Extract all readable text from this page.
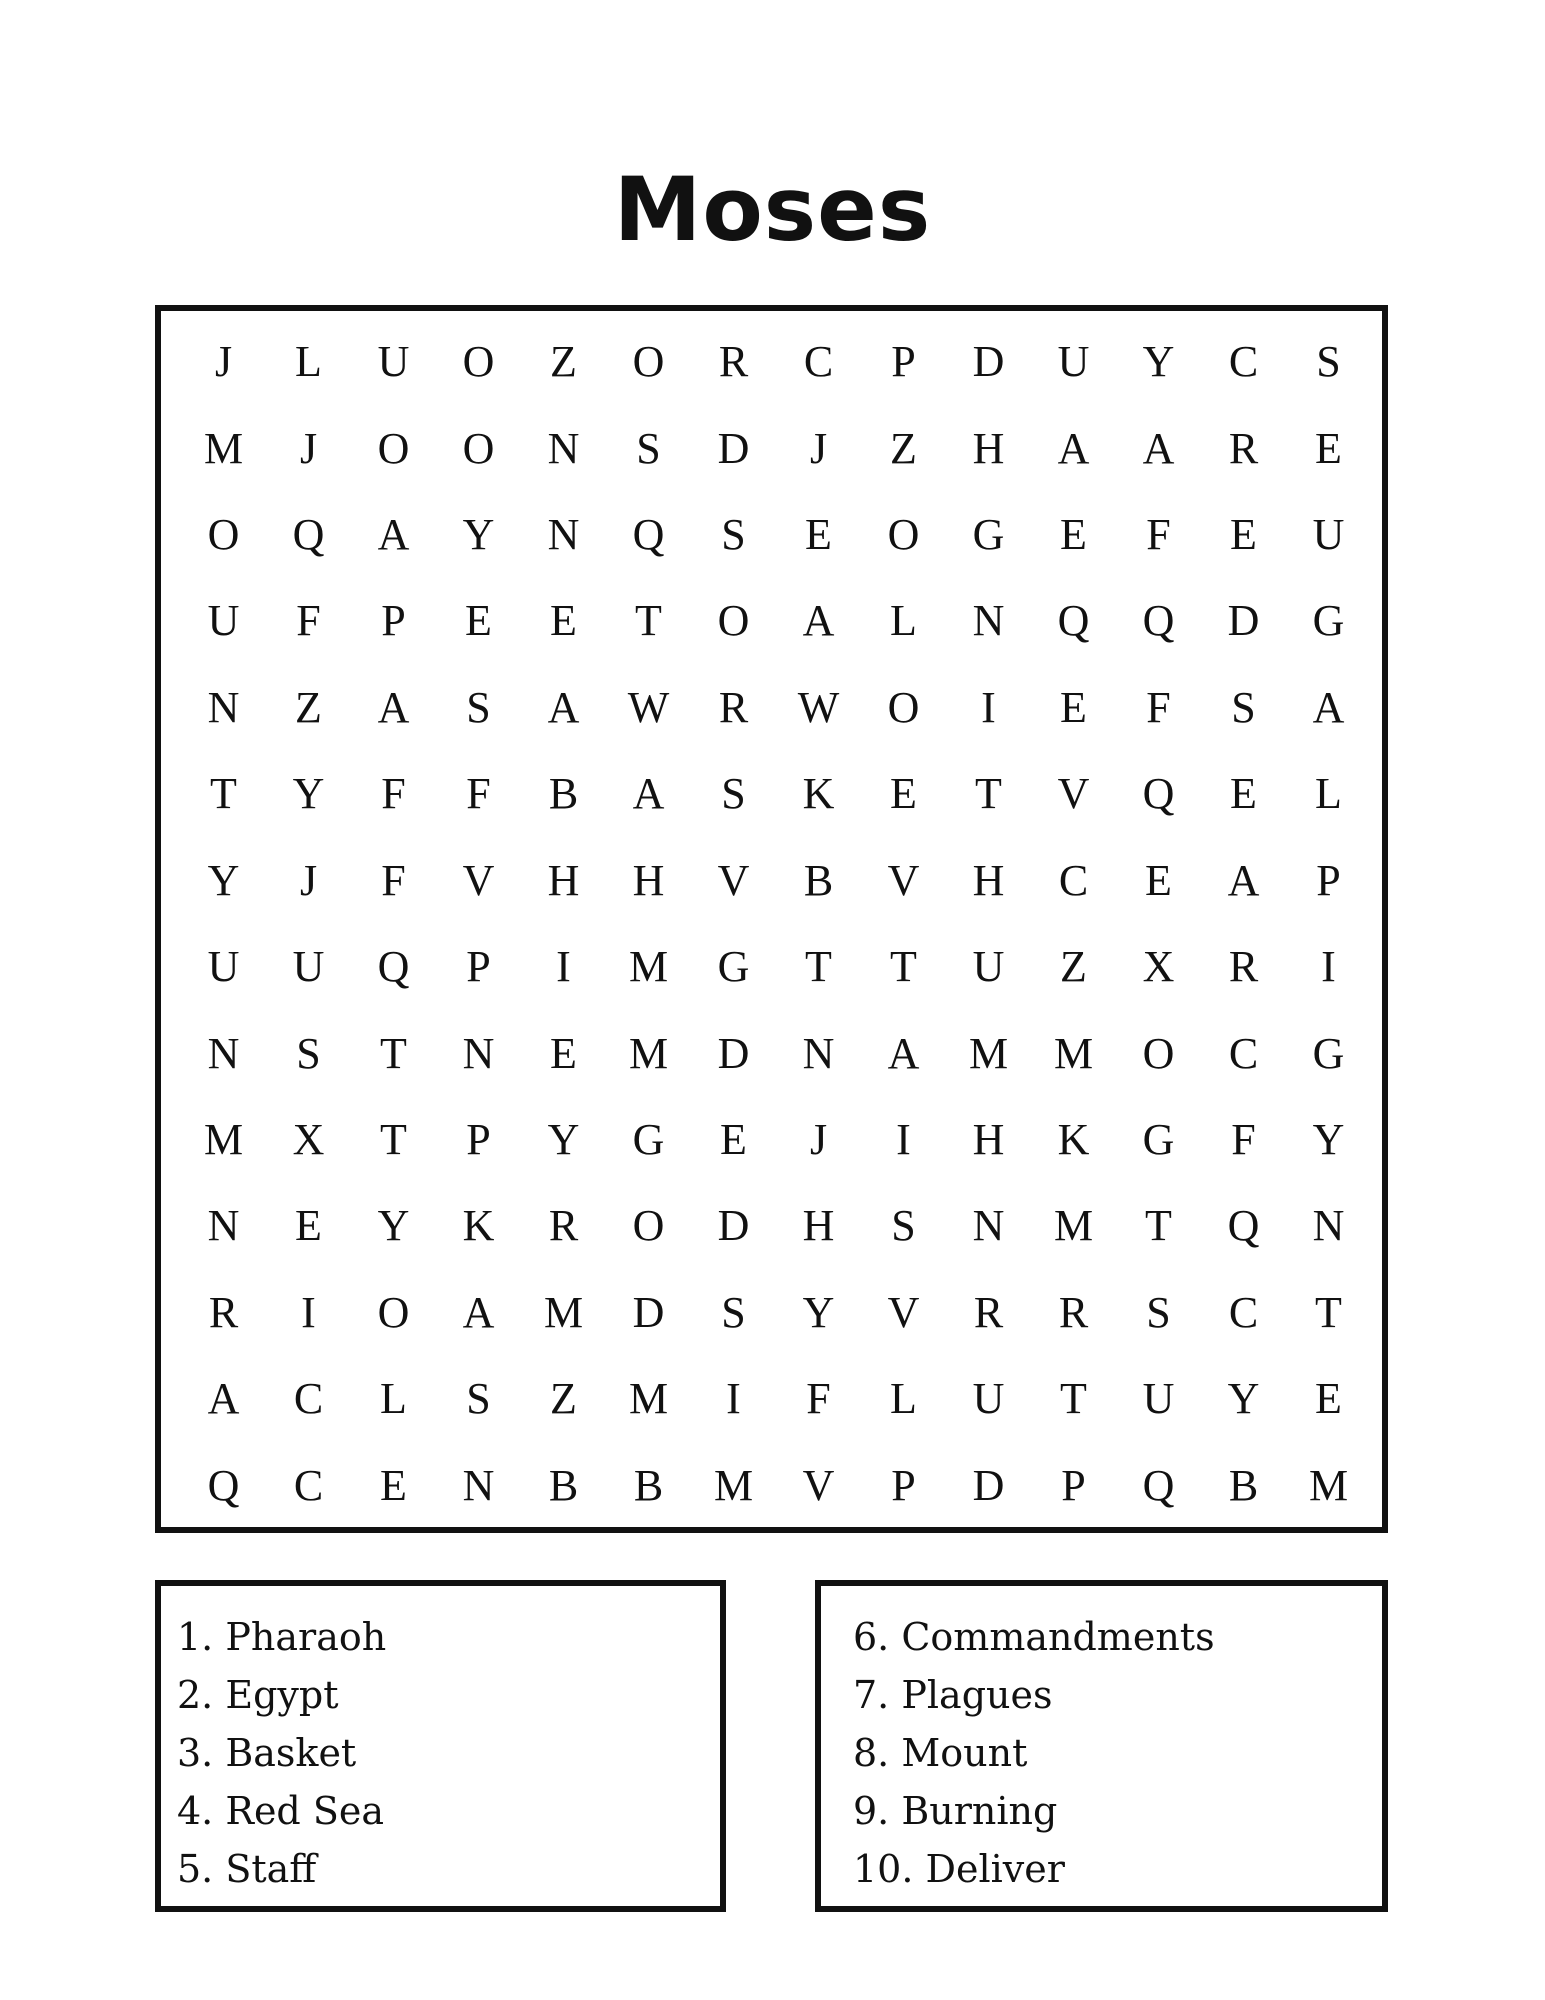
Moses
J	L	U	O	Z	O	R	C	P	D	U	Y	C	S
M	J	O	O	N	S	D	J	Z	H	A	A	R	E
O	Q	A	Y	N	Q	S	E	O	G	E	F	E	U
U	F	P	E	E	T	O	A	L	N	Q	Q	D	G
N	Z	A	S	A	W	R	W	O	I	E	F	S	A
T	Y	F	F	B	A	S	K	E	T	V	Q	E	L
Y	J	F	V	H	H	V	B	V	H	C	E	A	P
U	U	Q	P	I	M	G	T	T	U	Z	X	R	I
N	S	T	N	E	M	D	N	A	M	M	O	C	G
M	X	T	P	Y	G	E	J	I	H	K	G	F	Y
N	E	Y	K	R	O	D	H	S	N	M	T	Q	N
R	I	O	A	M	D	S	Y	V	R	R	S	C	T
A	C	L	S	Z	M	I	F	L	U	T	U	Y	E
Q	C	E	N	B	B	M	V	P	D	P	Q	B	M
1. Pharaoh
2. Egypt
3. Basket
4. Red Sea
5. Staff
6. Commandments
7. Plagues
8. Mount
9. Burning
10. Deliver
